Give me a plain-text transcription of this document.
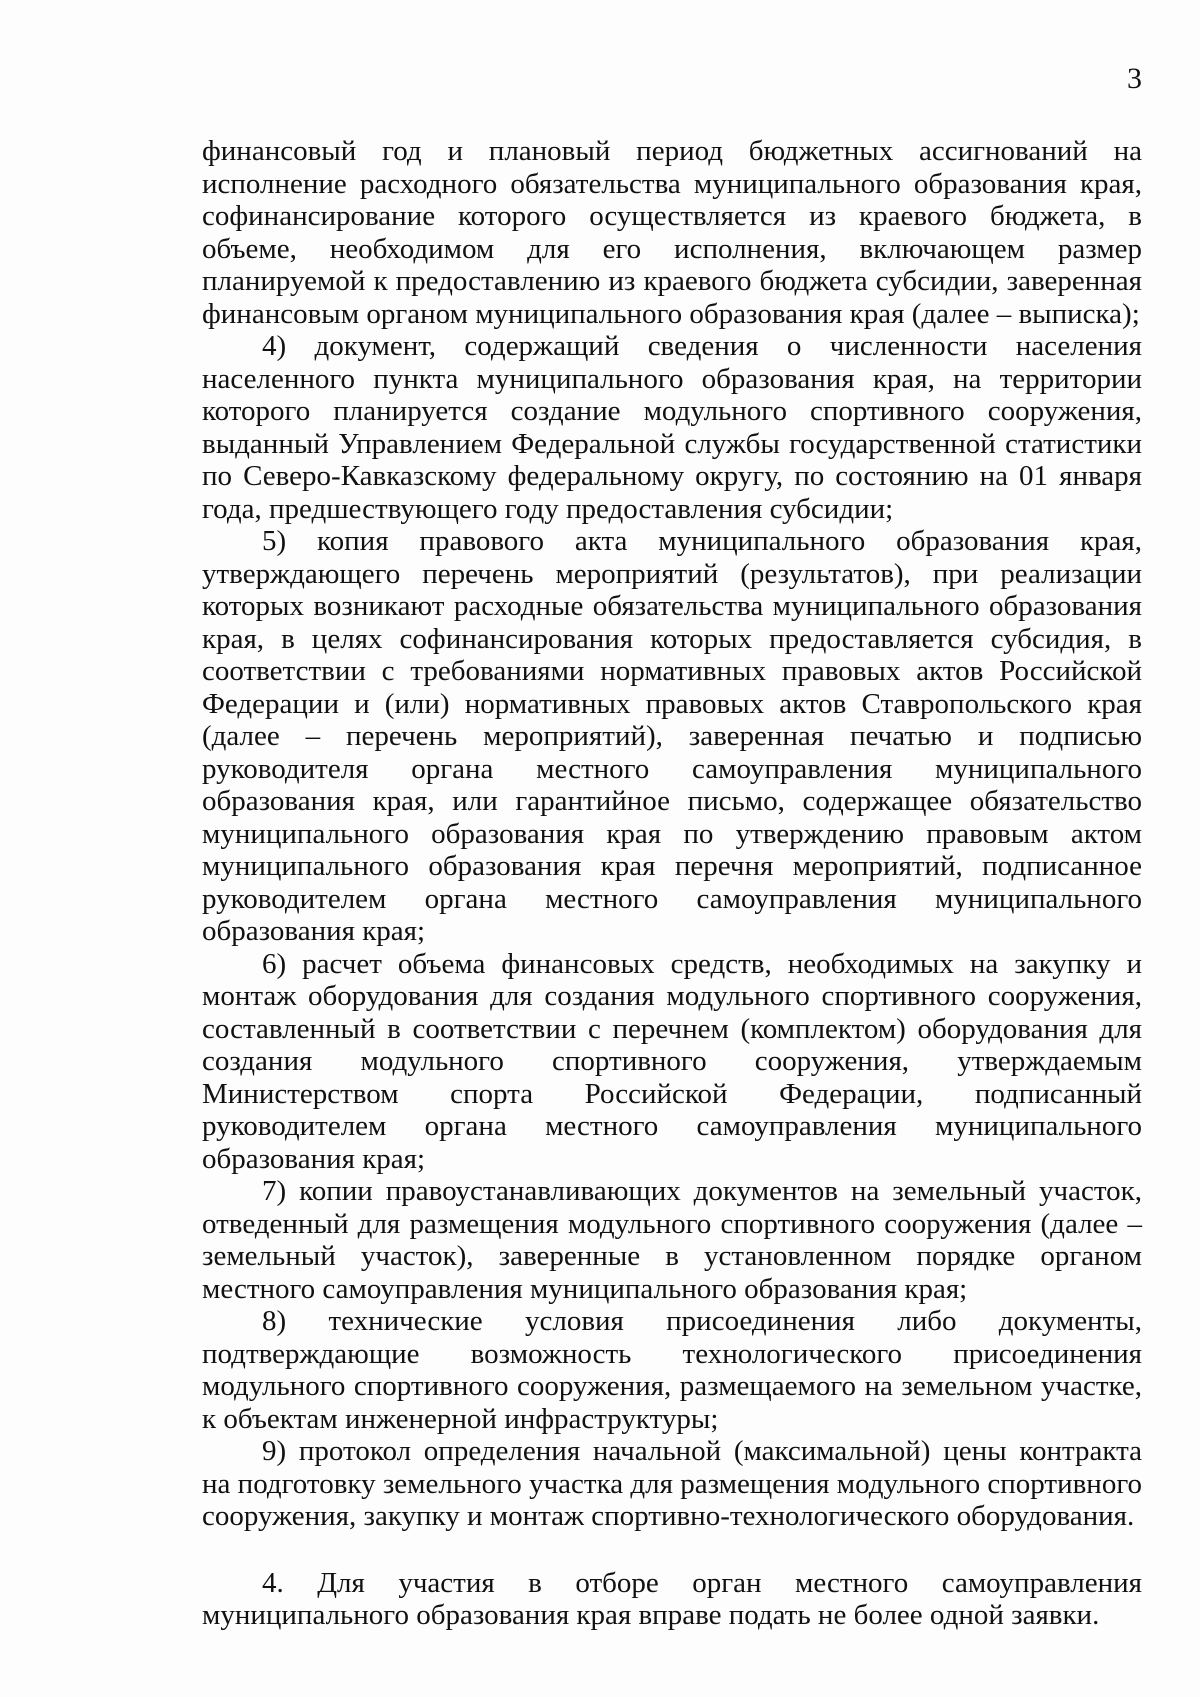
3

финансовый год и плановый период бюджетных ассигнований на исполнение расходного обязательства муниципального образования края, софинансирование которого осуществляется из краевого бюджета, в объеме, необходимом для его исполнения, включающем размер планируемой к предоставлению из краевого бюджета субсидии, заверенная финансовым органом муниципального образования края (далее – выписка);

4) документ, содержащий сведения о численности населения населенного пункта муниципального образования края, на территории которого планируется создание модульного спортивного сооружения, выданный Управлением Федеральной службы государственной статистики по Северо-Кавказскому федеральному округу, по состоянию на 01 января года, предшествующего году предоставления субсидии;

5) копия правового акта муниципального образования края, утверждающего перечень мероприятий (результатов), при реализации которых возникают расходные обязательства муниципального образования края, в целях софинансирования которых предоставляется субсидия, в соответствии с требованиями нормативных правовых актов Российской Федерации и (или) нормативных правовых актов Ставропольского края (далее – перечень мероприятий), заверенная печатью и подписью руководителя органа местного самоуправления муниципального образования края, или гарантийное письмо, содержащее обязательство муниципального образования края по утверждению правовым актом муниципального образования края перечня мероприятий, подписанное руководителем органа местного самоуправления муниципального образования края;

6) расчет объема финансовых средств, необходимых на закупку и монтаж оборудования для создания модульного спортивного сооружения, составленный в соответствии с перечнем (комплектом) оборудования для создания модульного спортивного сооружения, утверждаемым Министерством спорта Российской Федерации, подписанный руководителем органа местного самоуправления муниципального образования края;

7) копии правоустанавливающих документов на земельный участок, отведенный для размещения модульного спортивного сооружения (далее – земельный участок), заверенные в установленном порядке органом местного самоуправления муниципального образования края;

8) технические условия присоединения либо документы, подтверждающие возможность технологического присоединения модульного спортивного сооружения, размещаемого на земельном участке, к объектам инженерной инфраструктуры;

9) протокол определения начальной (максимальной) цены контракта на подготовку земельного участка для размещения модульного спортивного сооружения, закупку и монтаж спортивно-технологического оборудования.

4. Для участия в отборе орган местного самоуправления муниципального образования края вправе подать не более одной заявки.
